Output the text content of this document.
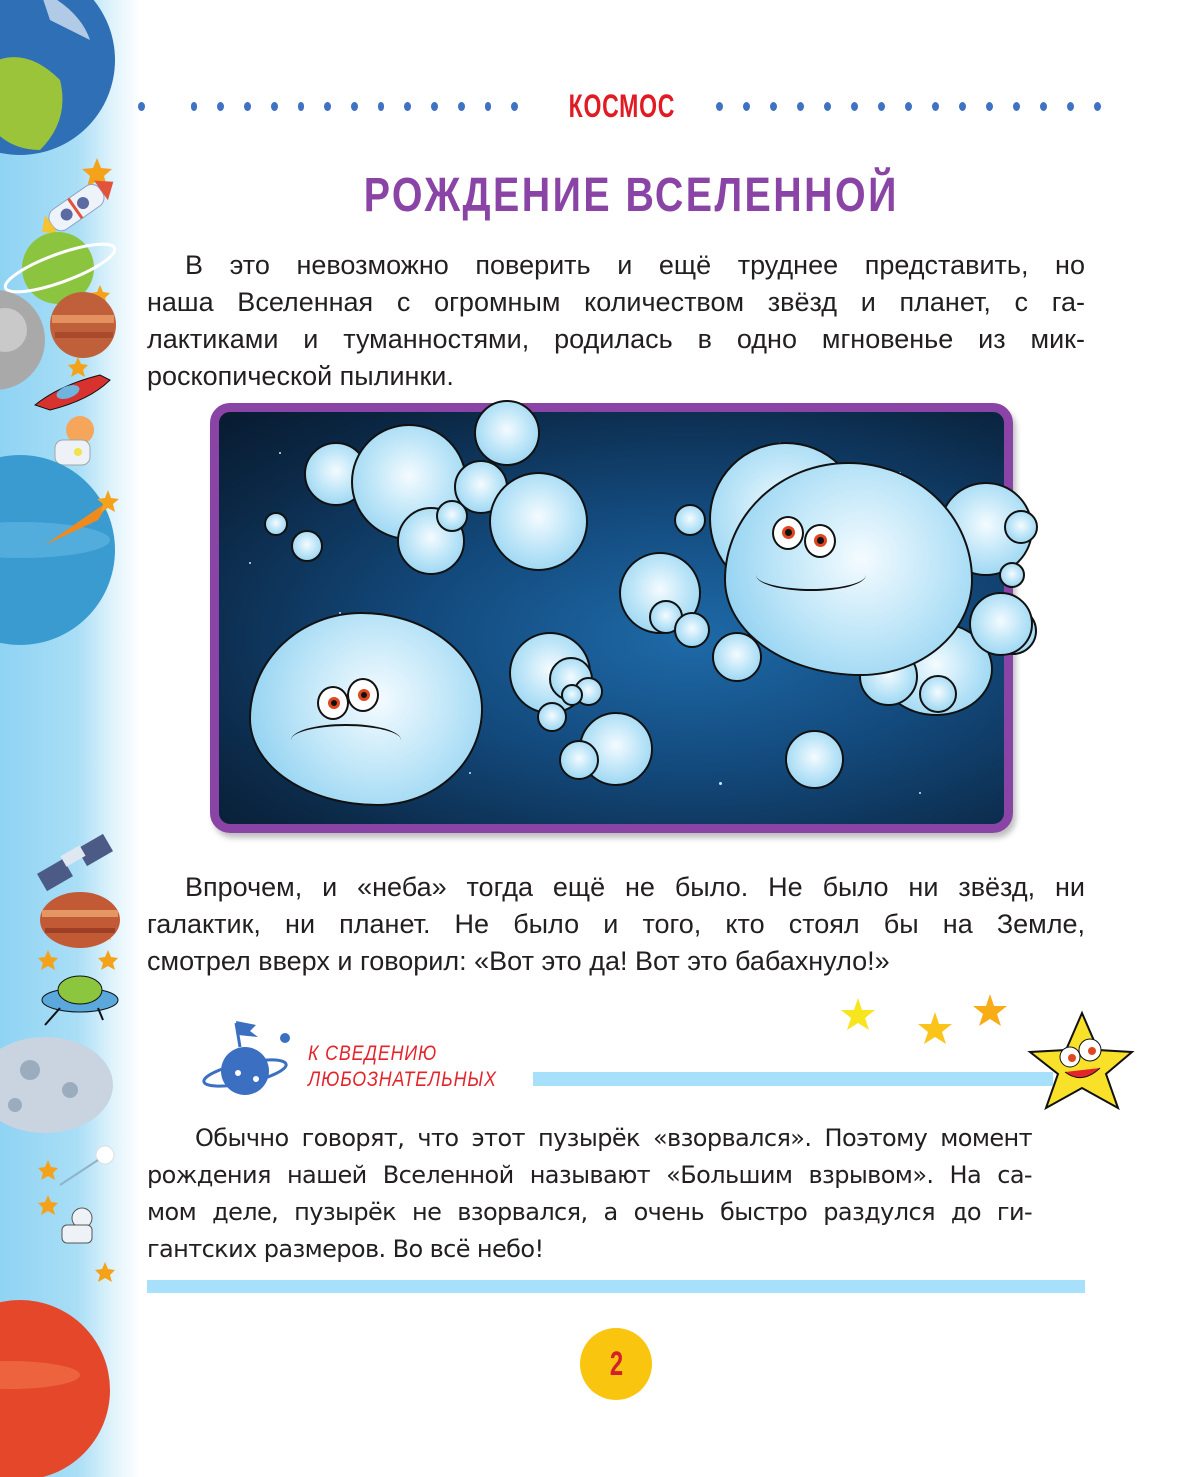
КОСМОС
РОЖДЕНИЕ ВСЕЛЕННОЙ
В это невозможно поверить и ещё труднее представить, но
наша Вселенная с огромным количеством звёзд и планет, с га-
лактиками и туманностями, родилась в одно мгновенье из мик-
роскопической пылинки.
Впрочем, и «неба» тогда ещё не было. Не было ни звёзд, ни
галактик, ни планет. Не было и того, кто стоял бы на Земле,
смотрел вверх и говорил: «Вот это да! Вот это бабахнуло!»
К СВЕДЕНИЮ
ЛЮБОЗНАТЕЛЬНЫХ
Обычно говорят, что этот пузырёк «взорвался». Поэтому момент
рождения нашей Вселенной называют «Большим взрывом». На са-
мом деле, пузырёк не взорвался, а очень быстро раздулся до ги-
гантских размеров. Во всё небо!
2
